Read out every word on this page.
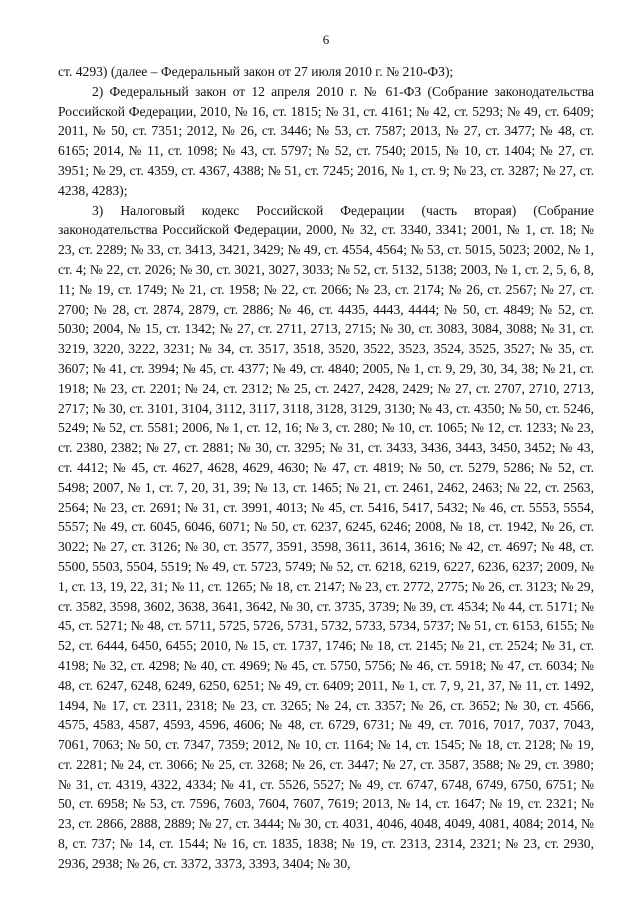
6

ст. 4293) (далее – Федеральный закон от 27 июля 2010 г. № 210-ФЗ);

2) Федеральный закон от 12 апреля 2010 г. № 61-ФЗ (Собрание законодательства Российской Федерации, 2010, № 16, ст. 1815; № 31, ст. 4161; № 42, ст. 5293; № 49, ст. 6409; 2011, № 50, ст. 7351; 2012, № 26, ст. 3446; № 53, ст. 7587; 2013, № 27, ст. 3477; № 48, ст. 6165; 2014, № 11, ст. 1098; № 43, ст. 5797; № 52, ст. 7540; 2015, № 10, ст. 1404; № 27, ст. 3951; № 29, ст. 4359, ст. 4367, 4388; № 51, ст. 7245; 2016, № 1, ст. 9; № 23, ст. 3287; № 27, ст. 4238, 4283);

3) Налоговый кодекс Российской Федерации (часть вторая) (Собрание законодательства Российской Федерации, 2000, № 32, ст. 3340, 3341; 2001, № 1, ст. 18; № 23, ст. 2289; № 33, ст. 3413, 3421, 3429; № 49, ст. 4554, 4564; № 53, ст. 5015, 5023; 2002, № 1, ст. 4; № 22, ст. 2026; № 30, ст. 3021, 3027, 3033; № 52, ст. 5132, 5138; 2003, № 1, ст. 2, 5, 6, 8, 11; № 19, ст. 1749; № 21, ст. 1958; № 22, ст. 2066; № 23, ст. 2174; № 26, ст. 2567; № 27, ст. 2700; № 28, ст. 2874, 2879, ст. 2886; № 46, ст. 4435, 4443, 4444; № 50, ст. 4849; № 52, ст. 5030; 2004, № 15, ст. 1342; № 27, ст. 2711, 2713, 2715; № 30, ст. 3083, 3084, 3088; № 31, ст. 3219, 3220, 3222, 3231; № 34, ст. 3517, 3518, 3520, 3522, 3523, 3524, 3525, 3527; № 35, ст. 3607; № 41, ст. 3994; № 45, ст. 4377; № 49, ст. 4840; 2005, № 1, ст. 9, 29, 30, 34, 38; № 21, ст. 1918; № 23, ст. 2201; № 24, ст. 2312; № 25, ст. 2427, 2428, 2429; № 27, ст. 2707, 2710, 2713, 2717; № 30, ст. 3101, 3104, 3112, 3117, 3118, 3128, 3129, 3130; № 43, ст. 4350; № 50, ст. 5246, 5249; № 52, ст. 5581; 2006, № 1, ст. 12, 16; № 3, ст. 280; № 10, ст. 1065; № 12, ст. 1233; № 23, ст. 2380, 2382; № 27, ст. 2881; № 30, ст. 3295; № 31, ст. 3433, 3436, 3443, 3450, 3452; № 43, ст. 4412; № 45, ст. 4627, 4628, 4629, 4630; № 47, ст. 4819; № 50, ст. 5279, 5286; № 52, ст. 5498; 2007, № 1, ст. 7, 20, 31, 39; № 13, ст. 1465; № 21, ст. 2461, 2462, 2463; № 22, ст. 2563, 2564; № 23, ст. 2691; № 31, ст. 3991, 4013; № 45, ст. 5416, 5417, 5432; № 46, ст. 5553, 5554, 5557; № 49, ст. 6045, 6046, 6071; № 50, ст. 6237, 6245, 6246; 2008, № 18, ст. 1942, № 26, ст. 3022; № 27, ст. 3126; № 30, ст. 3577, 3591, 3598, 3611, 3614, 3616; № 42, ст. 4697; № 48, ст. 5500, 5503, 5504, 5519; № 49, ст. 5723, 5749; № 52, ст. 6218, 6219, 6227, 6236, 6237; 2009, № 1, ст. 13, 19, 22, 31; № 11, ст. 1265; № 18, ст. 2147; № 23, ст. 2772, 2775; № 26, ст. 3123; № 29, ст. 3582, 3598, 3602, 3638, 3641, 3642, № 30, ст. 3735, 3739; № 39, ст. 4534; № 44, ст. 5171; № 45, ст. 5271; № 48, ст. 5711, 5725, 5726, 5731, 5732, 5733, 5734, 5737; № 51, ст. 6153, 6155; № 52, ст. 6444, 6450, 6455; 2010, № 15, ст. 1737, 1746; № 18, ст. 2145; № 21, ст. 2524; № 31, ст. 4198; № 32, ст. 4298; № 40, ст. 4969; № 45, ст. 5750, 5756; № 46, ст. 5918; № 47, ст. 6034; № 48, ст. 6247, 6248, 6249, 6250, 6251; № 49, ст. 6409; 2011, № 1, ст. 7, 9, 21, 37, № 11, ст. 1492, 1494, № 17, ст. 2311, 2318; № 23, ст. 3265; № 24, ст. 3357; № 26, ст. 3652; № 30, ст. 4566, 4575, 4583, 4587, 4593, 4596, 4606; № 48, ст. 6729, 6731; № 49, ст. 7016, 7017, 7037, 7043, 7061, 7063; № 50, ст. 7347, 7359; 2012, № 10, ст. 1164; № 14, ст. 1545; № 18, ст. 2128; № 19, ст. 2281; № 24, ст. 3066; № 25, ст. 3268; № 26, ст. 3447; № 27, ст. 3587, 3588; № 29, ст. 3980; № 31, ст. 4319, 4322, 4334; № 41, ст. 5526, 5527; № 49, ст. 6747, 6748, 6749, 6750, 6751; № 50, ст. 6958; № 53, ст. 7596, 7603, 7604, 7607, 7619; 2013, № 14, ст. 1647; № 19, ст. 2321; № 23, ст. 2866, 2888, 2889; № 27, ст. 3444; № 30, ст. 4031, 4046, 4048, 4049, 4081, 4084; 2014, № 8, ст. 737; № 14, ст. 1544; № 16, ст. 1835, 1838; № 19, ст. 2313, 2314, 2321; № 23, ст. 2930, 2936, 2938; № 26, ст. 3372, 3373, 3393, 3404; № 30,
